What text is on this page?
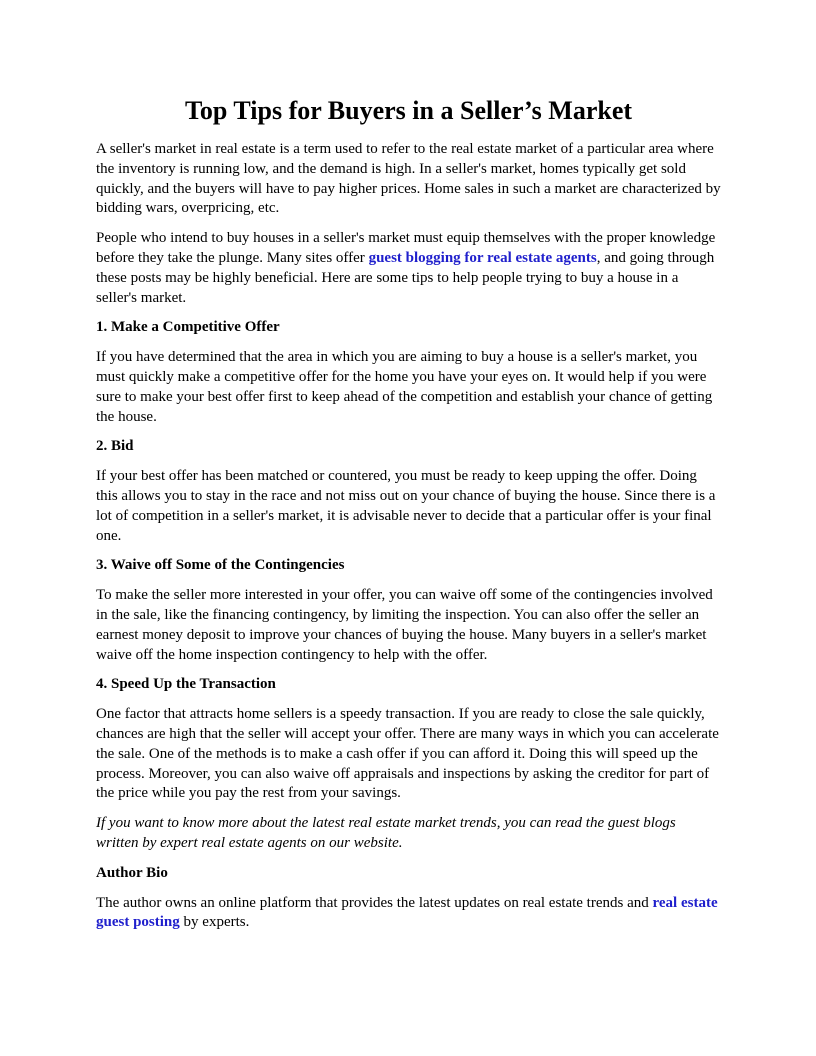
Top Tips for Buyers in a Seller’s Market

A seller's market in real estate is a term used to refer to the real estate market of a particular area where the inventory is running low, and the demand is high. In a seller's market, homes typically get sold quickly, and the buyers will have to pay higher prices. Home sales in such a market are characterized by bidding wars, overpricing, etc.

People who intend to buy houses in a seller's market must equip themselves with the proper knowledge before they take the plunge. Many sites offer guest blogging for real estate agents, and going through these posts may be highly beneficial. Here are some tips to help people trying to buy a house in a seller's market.

1. Make a Competitive Offer

If you have determined that the area in which you are aiming to buy a house is a seller's market, you must quickly make a competitive offer for the home you have your eyes on. It would help if you were sure to make your best offer first to keep ahead of the competition and establish your chance of getting the house.

2. Bid

If your best offer has been matched or countered, you must be ready to keep upping the offer. Doing this allows you to stay in the race and not miss out on your chance of buying the house. Since there is a lot of competition in a seller's market, it is advisable never to decide that a particular offer is your final one.

3. Waive off Some of the Contingencies

To make the seller more interested in your offer, you can waive off some of the contingencies involved in the sale, like the financing contingency, by limiting the inspection. You can also offer the seller an earnest money deposit to improve your chances of buying the house. Many buyers in a seller's market waive off the home inspection contingency to help with the offer.

4. Speed Up the Transaction

One factor that attracts home sellers is a speedy transaction. If you are ready to close the sale quickly, chances are high that the seller will accept your offer. There are many ways in which you can accelerate the sale. One of the methods is to make a cash offer if you can afford it. Doing this will speed up the process. Moreover, you can also waive off appraisals and inspections by asking the creditor for part of the price while you pay the rest from your savings.

If you want to know more about the latest real estate market trends, you can read the guest blogs written by expert real estate agents on our website.

Author Bio

The author owns an online platform that provides the latest updates on real estate trends and real estate guest posting by experts.
